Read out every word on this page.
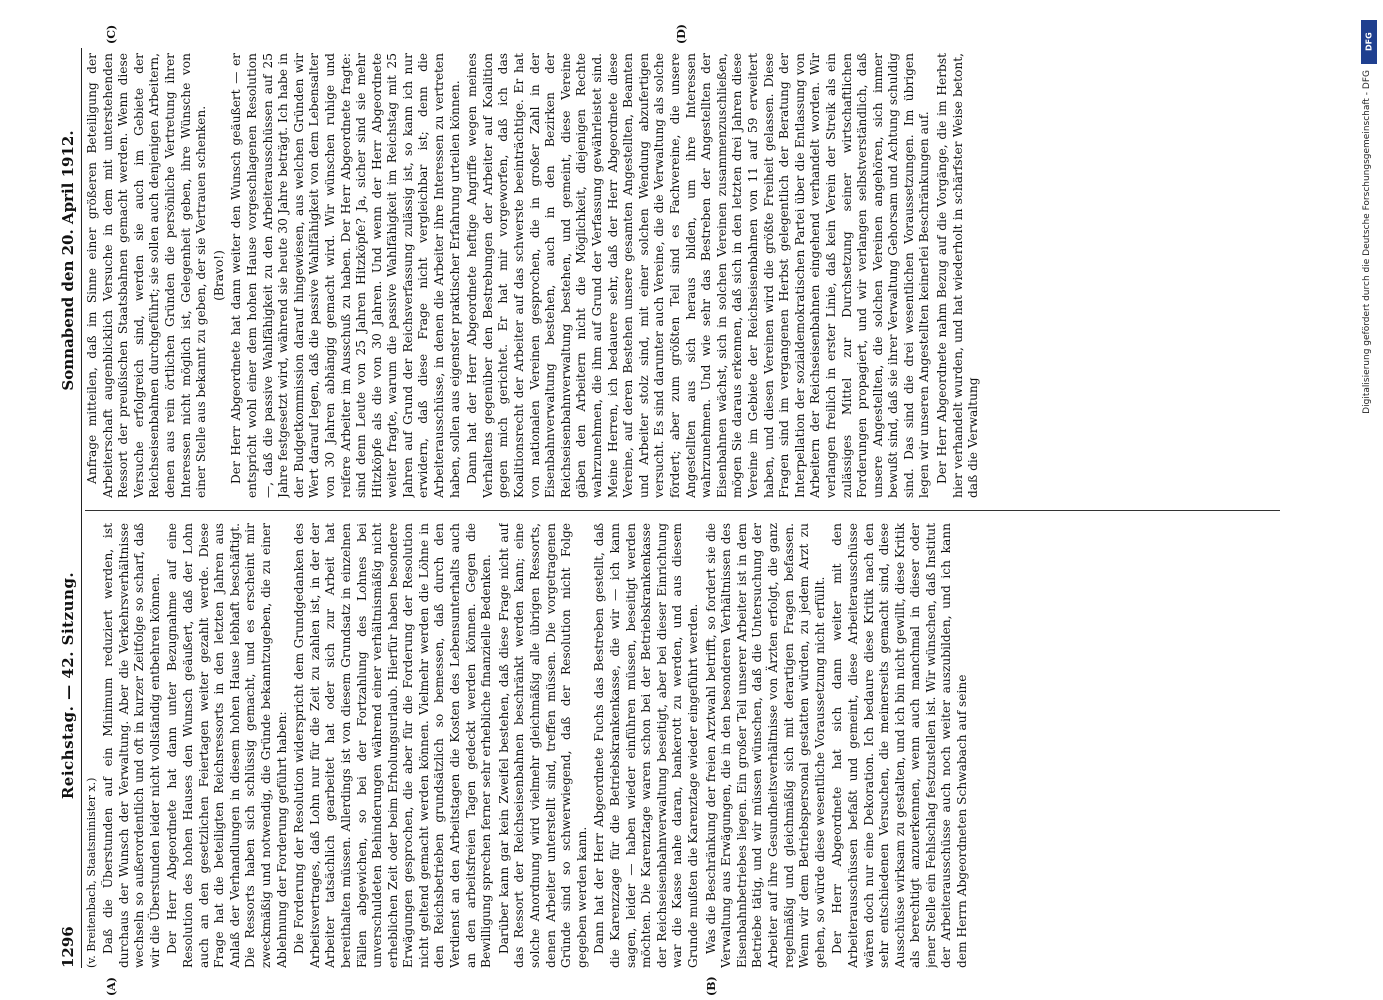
1296
Reichstag. — 42. Sitzung.
Sonnabend den 20. April 1912.
(v. Breitenbach, Staatsminister x.)
(A)	(B)
(C)	(D)

Daß die Überstunden auf ein Minimum reduziert werden, ist durchaus der Wunsch der Verwaltung. Aber die Verkehrsverhältnisse wechseln so außerordentlich und oft in kurzer Zeitfolge so scharf, daß wir die Überstunden leider nicht vollständig entbehren können. Der Herr Abgeordnete hat dann unter Bezugnahme auf eine Resolution des hohen Hauses den Wunsch geäußert, daß der Lohn auch an den gesetzlichen Feiertagen weiter gezahlt werde. Diese Frage hat die beteiligten Reichsressorts in den letzten Jahren aus Anlaß der Verhandlungen in diesem hohen Hause lebhaft beschäftigt. Die Ressorts haben sich schlüssig gemacht, und es erscheint mir zweckmäßig und notwendig, die Gründe bekanntzugeben, die zu einer Ablehnung der Forderung geführt haben: Die Forderung der Resolution widerspricht dem Grundgedanken des Arbeitsvertrages, daß Lohn nur für die Zeit zu zahlen ist, in der der Arbeiter tatsächlich gearbeitet hat oder sich zur Arbeit hat bereithalten müssen. Allerdings ist von diesem Grundsatz in einzelnen Fällen abgewichen, so bei der Fortzahlung des Lohnes bei unverschuldeten Behinderungen während einer verhältnismäßig nicht erheblichen Zeit oder beim Erholungsurlaub. Hierfür haben besondere Erwägungen gesprochen, die aber für die Forderung der Resolution nicht geltend gemacht werden können. Vielmehr werden die Löhne in den Reichsbetrieben grundsätzlich so bemessen, daß durch den Verdienst an den Arbeitstagen die Kosten des Lebensunterhalts auch an den arbeitsfreien Tagen gedeckt werden können. Gegen die Bewilligung sprechen ferner sehr erhebliche finanzielle Bedenken. Darüber kann gar kein Zweifel bestehen, daß diese Frage nicht auf das Ressort der Reichseisenbahnen beschränkt werden kann; eine solche Anordnung wird vielmehr gleichmäßig alle übrigen Ressorts, denen Arbeiter unterstellt sind, treffen müssen. Die vorgetragenen Gründe sind so schwerwiegend, daß der Resolution nicht Folge gegeben werden kann. Dann hat der Herr Abgeordnete Fuchs das Bestreben gestellt, daß die Karenzzage für die Betriebskrankenkasse, die wir — ich kann sagen, leider — haben wieder einführen müssen, beseitigt werden möchten. Die Karenztage waren schon bei der Betriebskrankenkasse der Reichseisenbahnverwaltung beseitigt, aber bei dieser Einrichtung war die Kasse nahe daran, bankerott zu werden, und aus diesem Grunde mußten die Karenztage wieder eingeführt werden. Was die Beschränkung der freien Arztwahl betrifft, so fordert sie die Verwaltung aus Erwägungen, die in den besonderen Verhältnissen des Eisenbahnbetriebes liegen. Ein großer Teil unserer Arbeiter ist in dem Betriebe tätig, und wir müssen wünschen, daß die Untersuchung der Arbeiter auf ihre Gesundheitsverhältnisse von Ärzten erfolgt, die ganz regelmäßig und gleichmäßig sich mit derartigen Fragen befassen. Wenn wir dem Betriebspersonal gestatten würden, zu jedem Arzt zu gehen, so würde diese wesentliche Voraussetzung nicht erfüllt. Der Herr Abgeordnete hat sich dann weiter mit den Arbeiterausschüssen befaßt und gemeint, diese Arbeiterausschüsse wären doch nur eine Dekoration. Ich bedaure diese Kritik nach den sehr entschiedenen Versuchen, die meinerseits gemacht sind, diese Ausschüsse wirksam zu gestalten, und ich bin nicht gewillt, diese Kritik als berechtigt anzuerkennen, wenn auch manchmal in dieser oder jener Stelle ein Fehlschlag festzustellen ist. Wir wünschen, daß Institut der Arbeiterausschüsse auch noch weiter auszubilden, und ich kann dem Herrn Abgeordneten Schwabach auf seine

Anfrage mitteilen, daß im Sinne einer größeren Beteiligung der Arbeiterschaft augenblicklich Versuche in dem mit unterstehenden Ressort der preußischen Staatsbahnen gemacht werden. Wenn diese Versuche erfolgreich sind, werden sie auch im Gebiete der Reichseisenbahnen durchgeführt; sie sollen auch denjenigen Arbeitern, denen aus rein örtlichen Gründen die persönliche Vertretung ihrer Interessen nicht möglich ist, Gelegenheit geben, ihre Wünsche von einer Stelle aus bekannt zu geben, der sie Vertrauen schenken. (Bravo!) Der Herr Abgeordnete hat dann weiter den Wunsch geäußert — er entspricht wohl einer dem hohen Hause vorgeschlagenen Resolution —, daß die passive Wahlfähigkeit zu den Arbeiterausschüssen auf 25 Jahre festgesetzt wird, während sie heute 30 Jahre beträgt. Ich habe in der Budgetkommission darauf hingewiesen, aus welchen Gründen wir Wert darauf legen, daß die passive Wahlfähigkeit von dem Lebensalter von 30 Jahren abhängig gemacht wird. Wir wünschen ruhige und reifere Arbeiter im Ausschuß zu haben. Der Herr Abgeordnete fragte: sind denn Leute von 25 Jahren Hitzköpfe? Ja, sicher sind sie mehr Hitzköpfe als die von 30 Jahren. Und wenn der Herr Abgeordnete weiter fragte, warum die passive Wahlfähigkeit im Reichstag mit 25 Jahren auf Grund der Reichsverfassung zulässig ist, so kann ich nur erwidern, daß diese Frage nicht vergleichbar ist; denn die Arbeiterausschüsse, in denen die Arbeiter ihre Interessen zu vertreten haben, sollen aus eigenster praktischer Erfahrung urteilen können. Dann hat der Herr Abgeordnete heftige Angriffe wegen meines Verhaltens gegenüber den Bestrebungen der Arbeiter auf Koalition gegen mich gerichtet. Er hat mir vorgeworfen, daß ich das Koalitionsrecht der Arbeiter auf das schwerste beeinträchtige. Er hat von nationalen Vereinen gesprochen, die in großer Zahl in der Eisenbahnverwaltung bestehen, auch in den Bezirken der Reichseisenbahnverwaltung bestehen, und gemeint, diese Vereine gäben den Arbeitern nicht die Möglichkeit, diejenigen Rechte wahrzunehmen, die ihm auf Grund der Verfassung gewährleistet sind. Meine Herren, ich bedauere sehr, daß der Herr Abgeordnete diese Vereine, auf deren Bestehen unsere gesamten Angestellten, Beamten und Arbeiter stolz sind, mit einer solchen Wendung abzufertigen versucht. Es sind darunter auch Vereine, die die Verwaltung als solche fördert; aber zum größten Teil sind es Fachvereine, die unsere Angestellten aus sich heraus bilden, um ihre Interessen wahrzunehmen. Und wie sehr das Bestreben der Angestellten der Eisenbahnen wächst, sich in solchen Vereinen zusammenzuschließen, mögen Sie daraus erkennen, daß sich in den letzten drei Jahren diese Vereine im Gebiete der Reichseisenbahnen von 11 auf 59 erweitert haben, und diesen Vereinen wird die größte Freiheit gelassen. Diese Fragen sind im vergangenen Herbst gelegentlich der Beratung der Interpellation der sozialdemokratischen Partei über die Entlassung von Arbeitern der Reichseisenbahnen eingehend verhandelt worden. Wir verlangen freilich in erster Linie, daß kein Verein der Streik als ein zulässiges Mittel zur Durchsetzung seiner wirtschaftlichen Forderungen propagiert, und wir verlangen selbstverständlich, daß unsere Angestellten, die solchen Vereinen angehören, sich immer bewußt sind, daß sie ihrer Verwaltung Gehorsam und Achtung schuldig sind. Das sind die drei wesentlichen Voraussetzungen. Im übrigen legen wir unseren Angestellten keinerlei Beschränkungen auf. Der Herr Abgeordnete nahm Bezug auf die Vorgänge, die im Herbst hier verhandelt wurden, und hat wiederholt in schärfster Weise betont, daß die Verwaltung

DFG
Digitalisierung gefördert durch die Deutsche Forschungsgemeinschaft - DFG
